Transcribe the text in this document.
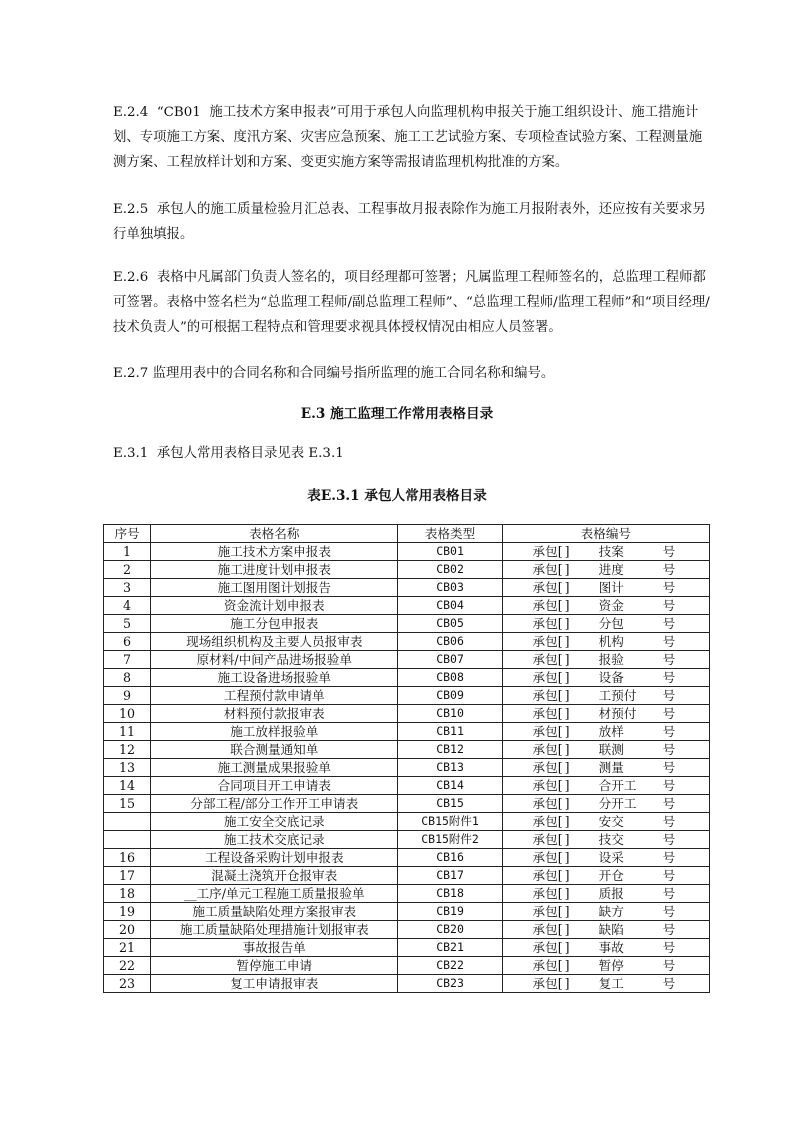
E.2.4  “CB01  施工技术方案申报表”可用于承包人向监理机构申报关于施工组织设计、施工措施计划、专项施工方案、度汛方案、灾害应急预案、施工工艺试验方案、专项检查试验方案、工程测量施测方案、工程放样计划和方案、变更实施方案等需报请监理机构批准的方案。

E.2.5  承包人的施工质量检验月汇总表、工程事故月报表除作为施工月报附表外，还应按有关要求另行单独填报。

E.2.6  表格中凡属部门负责人签名的，项目经理都可签署；凡属监理工程师签名的，总监理工程师都可签署。表格中签名栏为“总监理工程师/副总监理工程师”、“总监理工程师/监理工程师”和“项目经理/技术负责人”的可根据工程特点和管理要求视具体授权情况由相应人员签署。

E.2.7 监理用表中的合同名称和合同编号指所监理的施工合同名称和编号。

E.3 施工监理工作常用表格目录

E.3.1  承包人常用表格目录见表 E.3.1

表E.3.1 承包人常用表格目录
序号	表格名称	表格类型	表格编号
1	施工技术方案申报表	CB01	承包[ ] 技案 号

2	施工进度计划申报表	CB02	承包[ ] 进度 号

3	施工图用图计划报告	CB03	承包[ ] 图计 号

4	资金流计划申报表	CB04	承包[ ] 资金 号

5	施工分包申报表	CB05	承包[ ] 分包 号

6	现场组织机构及主要人员报审表	CB06	承包[ ] 机构 号

7	原材料/中间产品进场报验单	CB07	承包[ ] 报验 号

8	施工设备进场报验单	CB08	承包[ ] 设备 号

9	工程预付款申请单	CB09	承包[ ] 工预付 号

10	材料预付款报审表	CB10	承包[ ] 材预付 号

11	施工放样报验单	CB11	承包[ ] 放样 号

12	联合测量通知单	CB12	承包[ ] 联测 号

13	施工测量成果报验单	CB13	承包[ ] 测量 号

14	合同项目开工申请表	CB14	承包[ ] 合开工 号

15	分部工程/部分工作开工申请表	CB15	承包[ ] 分开工 号

	施工安全交底记录	CB15附件1	承包[ ] 安交 号

	施工技术交底记录	CB15附件2	承包[ ] 技交 号

16	工程设备采购计划申报表	CB16	承包[ ] 设采 号

17	混凝土浇筑开仓报审表	CB17	承包[ ] 开仓 号

18	__工序/单元工程施工质量报验单	CB18	承包[ ] 质报 号

19	施工质量缺陷处理方案报审表	CB19	承包[ ] 缺方 号

20	施工质量缺陷处理措施计划报审表	CB20	承包[ ] 缺陷 号

21	事故报告单	CB21	承包[ ] 事故 号

22	暂停施工申请	CB22	承包[ ] 暂停 号

23	复工申请报审表	CB23	承包[ ] 复工 号
